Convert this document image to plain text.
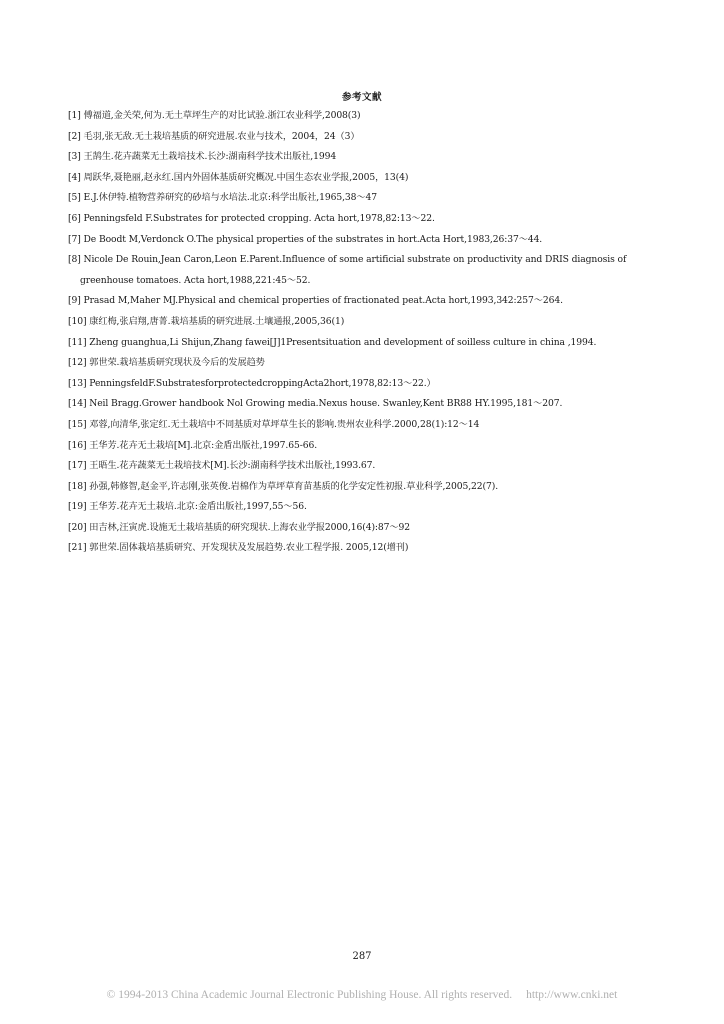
参考文献
[1] 傅福道,金关荣,何为.无土草坪生产的对比试验.浙江农业科学,2008(3)
[2] 毛羽,张无敌.无土栽培基质的研究进展.农业与技术，2004，24（3）
[3] 王鹄生.花卉蔬菜无土栽培技术.长沙:湖南科学技术出版社,1994
[4] 周跃华,聂艳丽,赵永红.国内外固体基质研究概况.中国生态农业学报,2005，13(4)
[5] E.J.休伊特.植物营养研究的砂培与水培法.北京:科学出版社,1965,38～47
[6] Penningsfeld F.Substrates for protected cropping. Acta hort,1978,82:13～22.
[7] De Boodt M,Verdonck O.The physical properties of the substrates in hort.Acta Hort,1983,26:37～44.
[8] Nicole De Rouin,Jean Caron,Leon E.Parent.Influence of some artificial substrate on productivity and DRIS diagnosis of
greenhouse tomatoes. Acta hort,1988,221:45～52.
[9] Prasad M,Maher MJ.Physical and chemical properties of fractionated peat.Acta hort,1993,342:257～264.
[10] 康红梅,张启翔,唐菁.栽培基质的研究进展.土壤通报,2005,36(1)
[11] Zheng guanghua,Li Shijun,Zhang fawei[J]1Presentsituation and development of soilless culture in china ,1994.
[12] 郭世荣.栽培基质研究现状及今后的发展趋势
[13] PenningsfeldF.SubstratesforprotectedcroppingActa2hort,1978,82:13～22.）
[14] Neil Bragg.Grower handbook Nol Growing media.Nexus house. Swanley,Kent BR88 HY.1995,181～207.
[15] 邓蓉,向清华,张定红.无土栽培中不同基质对草坪草生长的影响.贵州农业科学.2000,28(1):12～14
[16] 王华芳.花卉无土栽培[M].北京:金盾出版社,1997.65-66.
[17] 王晤生.花卉蔬菜无土栽培技术[M].长沙:湖南科学技术出版社,1993.67.
[18] 孙强,韩修智,赵金平,许志刚,张英俊.岩棉作为草坪草育苗基质的化学安定性初报.草业科学,2005,22(7).
[19] 王华芳.花卉无土栽培.北京:金盾出版社,1997,55～56.
[20] 田吉林,汪寅虎.设施无土栽培基质的研究现状.上海农业学报2000,16(4):87～92
[21] 郭世荣.固体栽培基质研究、开发现状及发展趋势.农业工程学报. 2005,12(增刊)
287
© 1994-2013 China Academic Journal Electronic Publishing House. All rights reserved. http://www.cnki.net
